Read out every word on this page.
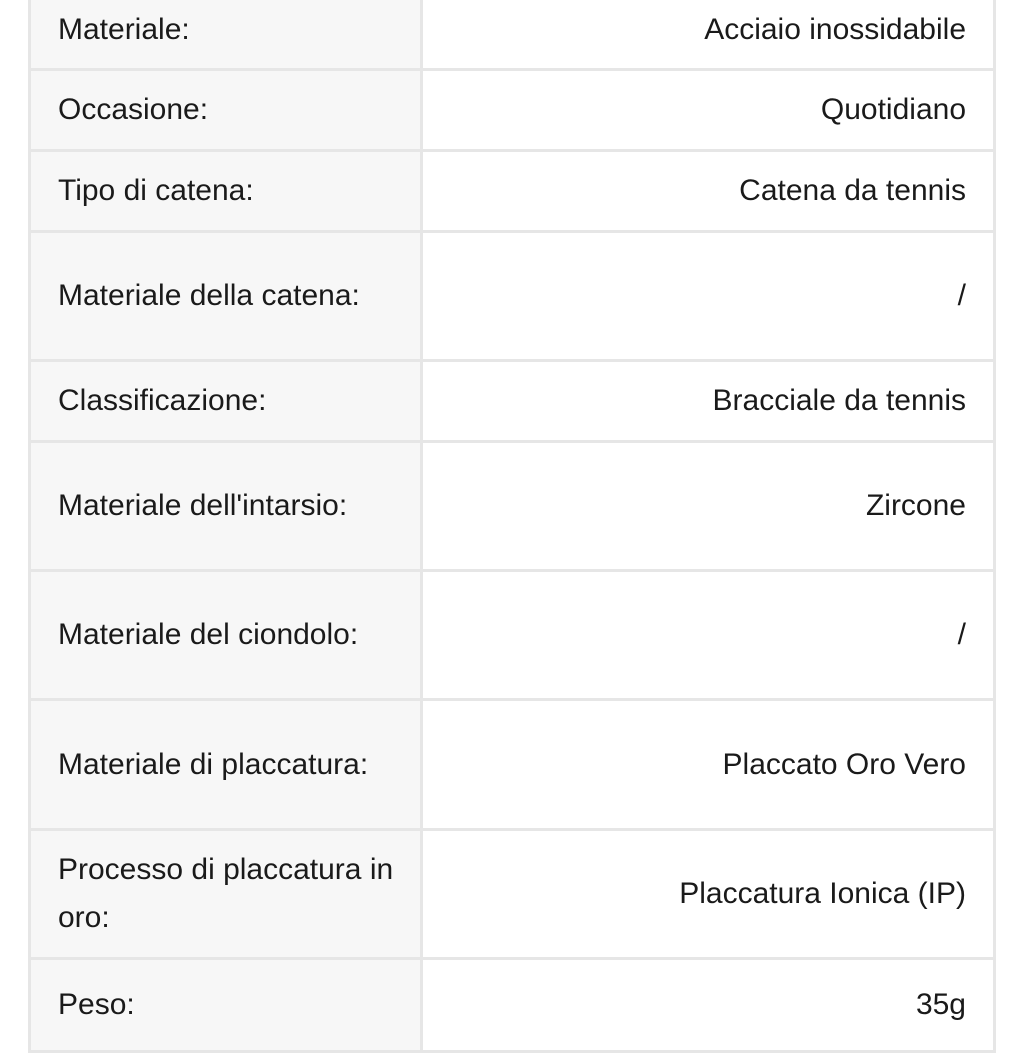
Materiale:	Acciaio inossidabile
Occasione:	Quotidiano
Tipo di catena:	Catena da tennis
Materiale della catena:	/
Classificazione:	Bracciale da tennis
Materiale dell'intarsio:	Zircone
Materiale del ciondolo:	/
Materiale di placcatura:	Placcato Oro Vero
Processo di placcatura in oro:	Placcatura Ionica (IP)
Peso:	35g
